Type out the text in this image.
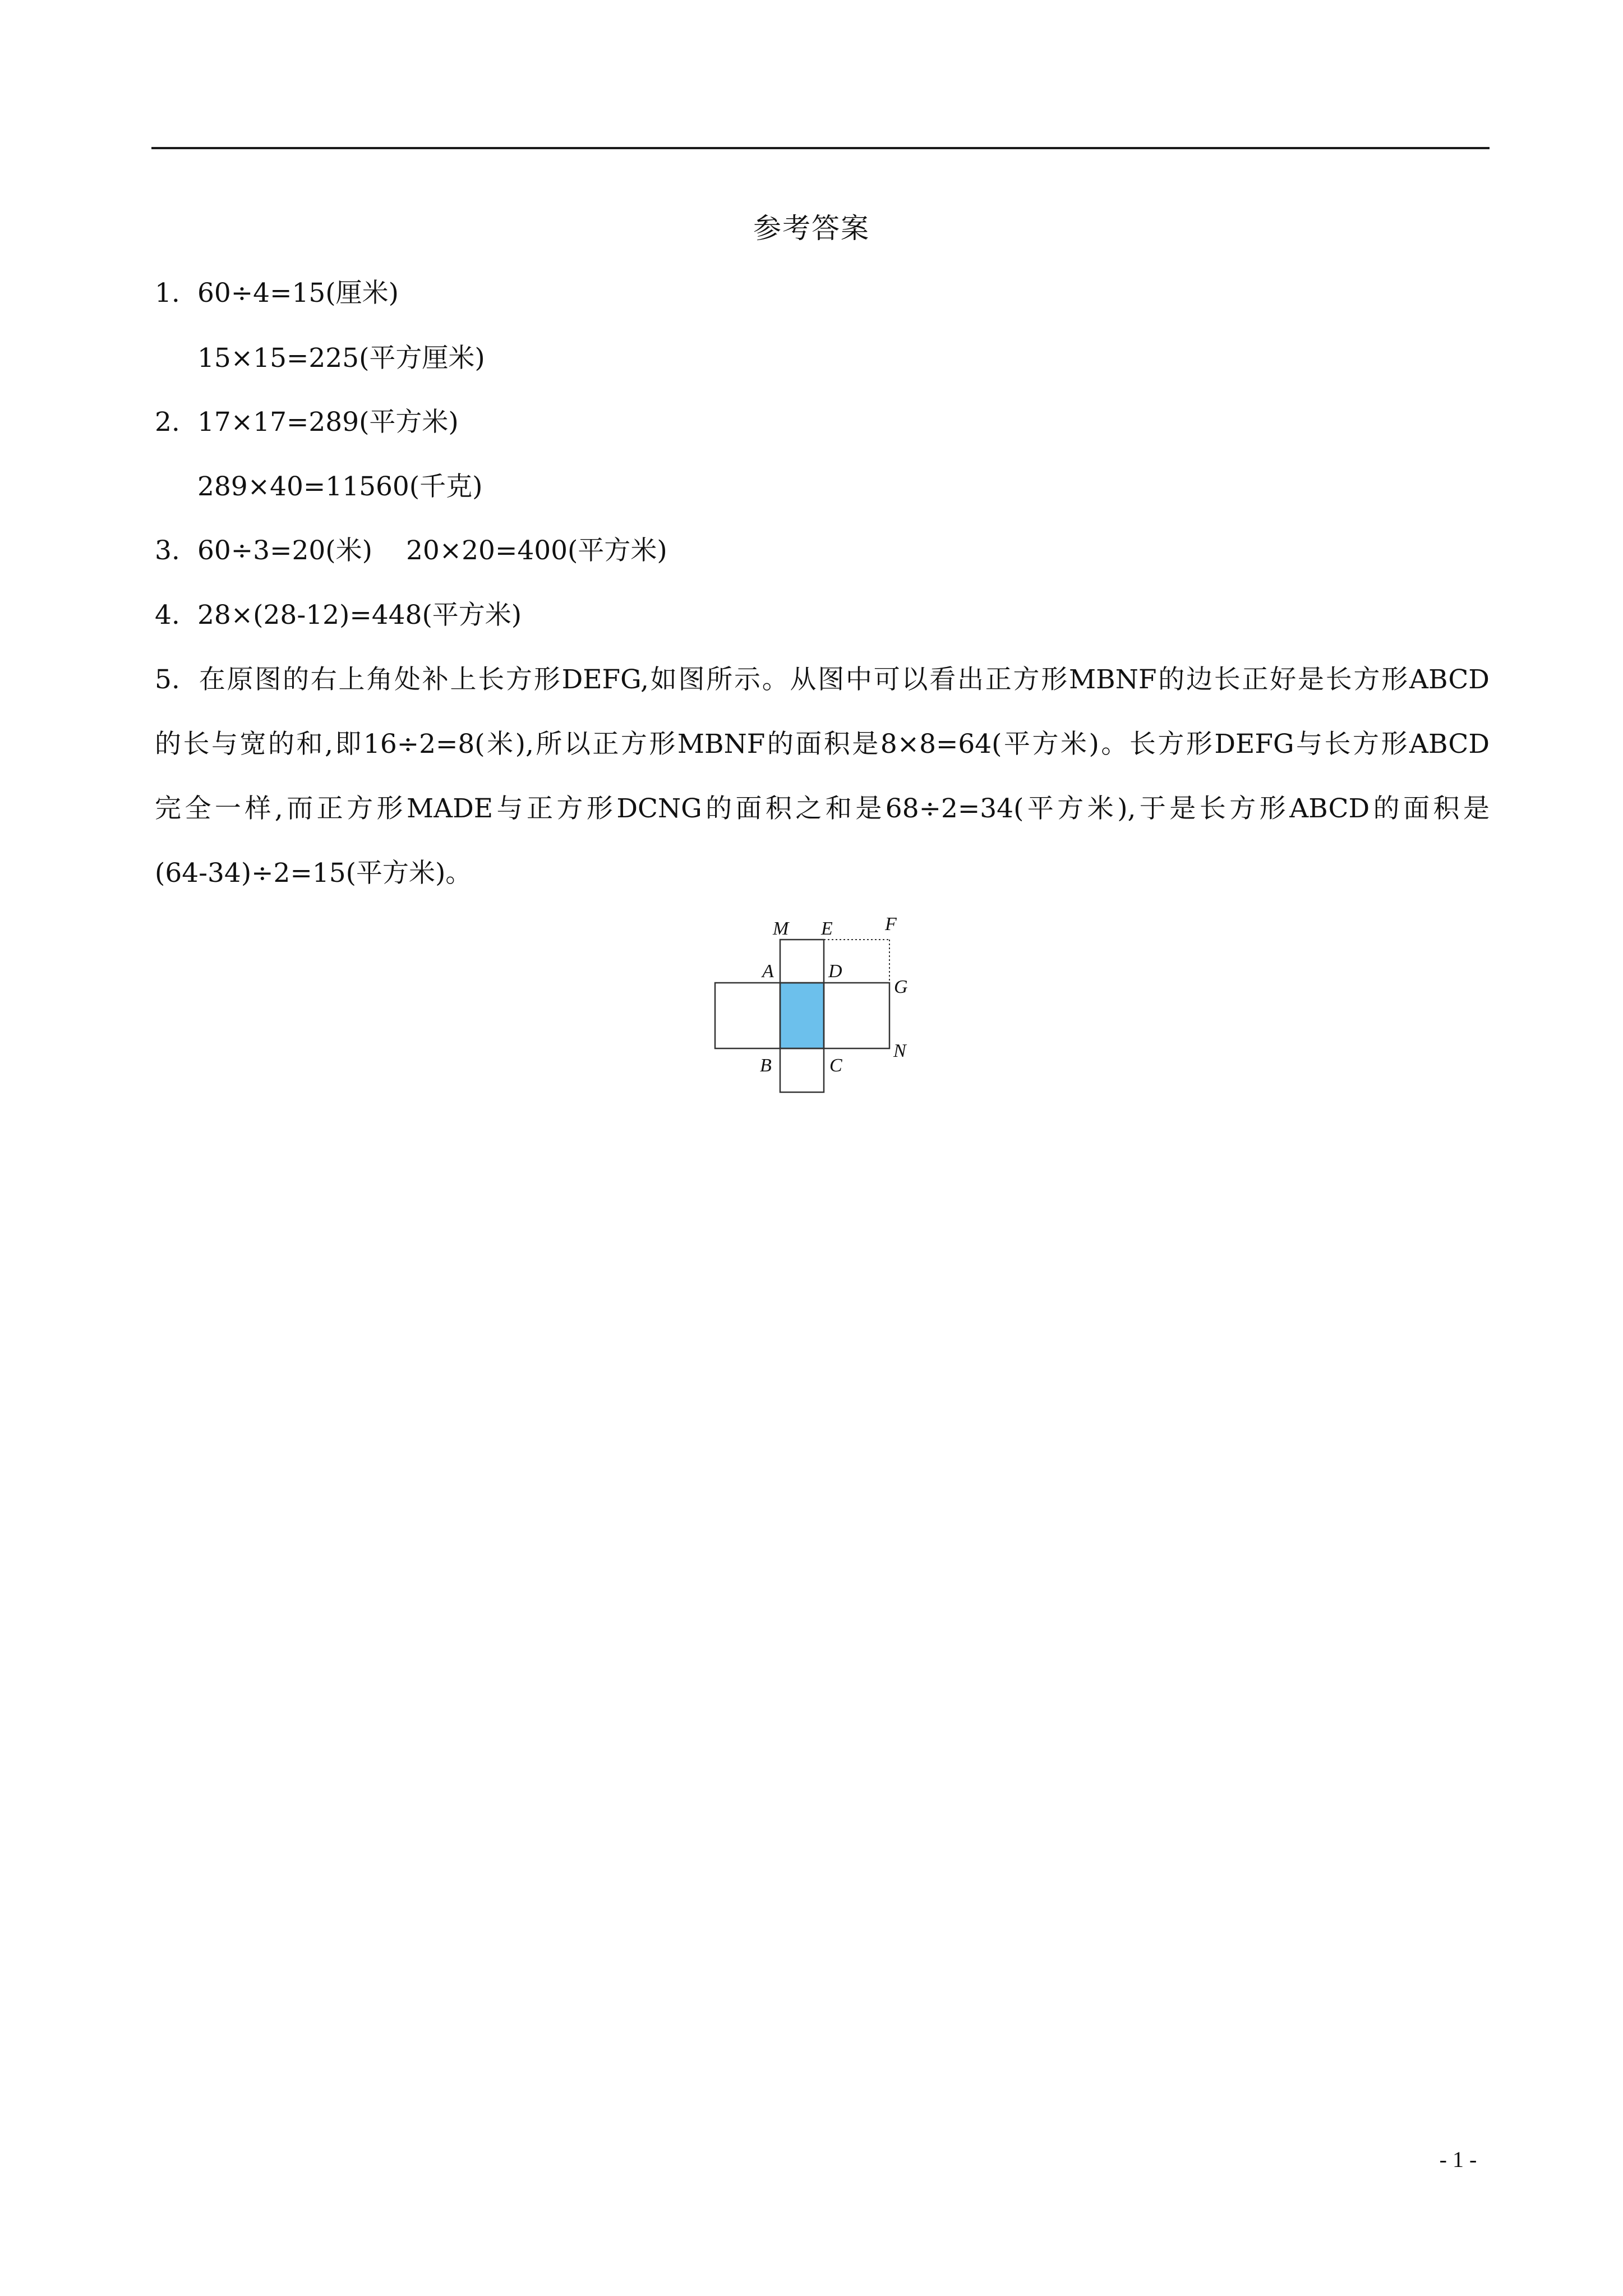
参考答案
1. 60÷4=15(厘米)
15×15=225(平方厘米)
2. 17×17=289(平方米)
289×40=11560(千克)
3. 60÷3=20(米) 20×20=400(平方米)
4. 28×(28-12)=448(平方米)
5. 在原图的右上角处补上长方形DEFG,如图所示。从图中可以看出正方形MBNF的边长正好是长方形ABCD
的长与宽的和,即16÷2=8(米),所以正方形MBNF的面积是8×8=64(平方米)。长方形DEFG与长方形ABCD
完全一样,而正方形MADE与正方形DCNG的面积之和是68÷2=34(平方米),于是长方形ABCD的面积是
(64-34)÷2=15(平方米)。
M E	F
A	D
G
B	C
N
- 1 -
